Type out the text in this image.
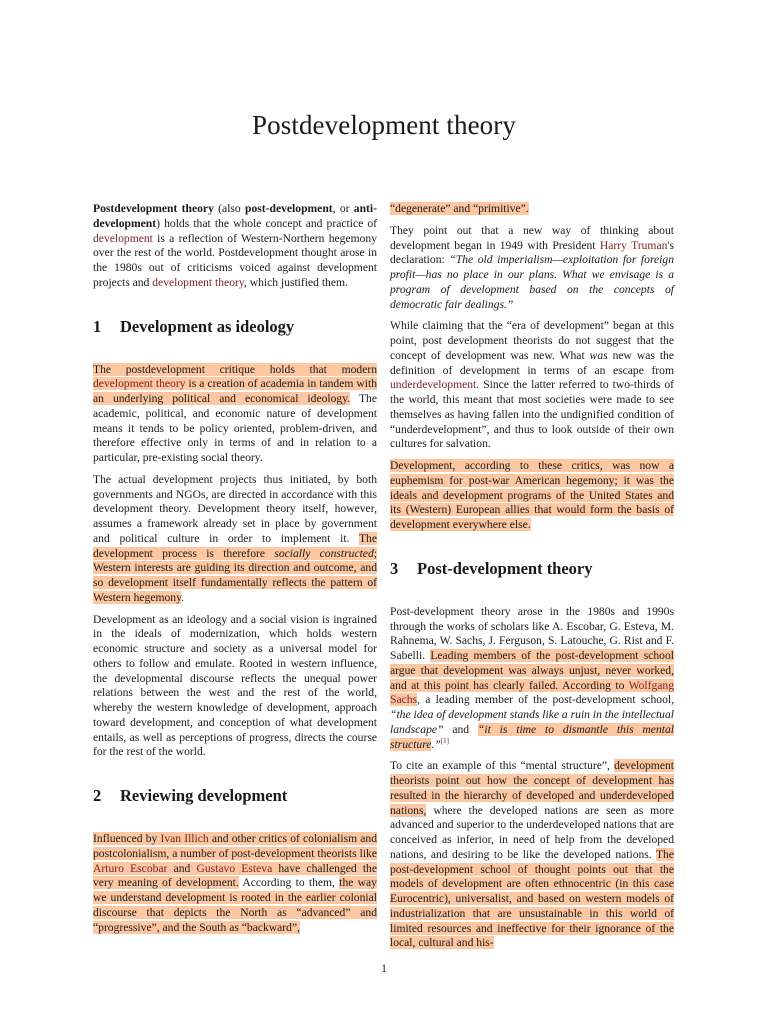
Postdevelopment theory

Postdevelopment theory (also post-development, or anti-development) holds that the whole concept and practice of development is a reflection of Western-Northern hegemony over the rest of the world. Postdevelopment thought arose in the 1980s out of criticisms voiced against development projects and development theory, which justified them.

1 Development as ideology

The postdevelopment critique holds that modern development theory is a creation of academia in tandem with an underlying political and economical ideology. The academic, political, and economic nature of development means it tends to be policy oriented, problem-driven, and therefore effective only in terms of and in relation to a particular, pre-existing social theory.

The actual development projects thus initiated, by both governments and NGOs, are directed in accordance with this development theory. Development theory itself, however, assumes a framework already set in place by government and political culture in order to implement it. The development process is therefore socially constructed; Western interests are guiding its direction and outcome, and so development itself fundamentally reflects the pattern of Western hegemony.

Development as an ideology and a social vision is ingrained in the ideals of modernization, which holds western economic structure and society as a universal model for others to follow and emulate. Rooted in western influence, the developmental discourse reflects the unequal power relations between the west and the rest of the world, whereby the western knowledge of development, approach toward development, and conception of what development entails, as well as perceptions of progress, directs the course for the rest of the world.

2 Reviewing development

Influenced by Ivan Illich and other critics of colonialism and postcolonialism, a number of post-development theorists like Arturo Escobar and Gustavo Esteva have challenged the very meaning of development. According to them, the way we understand development is rooted in the earlier colonial discourse that depicts the North as “advanced” and “progressive”, and the South as “backward”,

“degenerate” and “primitive”.

They point out that a new way of thinking about development began in 1949 with President Harry Truman's declaration: “The old imperialism—exploitation for foreign profit—has no place in our plans. What we envisage is a program of development based on the concepts of democratic fair dealings.”

While claiming that the “era of development” began at this point, post development theorists do not suggest that the concept of development was new. What was new was the definition of development in terms of an escape from underdevelopment. Since the latter referred to two-thirds of the world, this meant that most societies were made to see themselves as having fallen into the undignified condition of “underdevelopment”, and thus to look outside of their own cultures for salvation.

Development, according to these critics, was now a euphemism for post-war American hegemony; it was the ideals and development programs of the United States and its (Western) European allies that would form the basis of development everywhere else.

3 Post-development theory

Post-development theory arose in the 1980s and 1990s through the works of scholars like A. Escobar, G. Esteva, M. Rahnema, W. Sachs, J. Ferguson, S. Latouche, G. Rist and F. Sabelli. Leading members of the post-development school argue that development was always unjust, never worked, and at this point has clearly failed. According to Wolfgang Sachs, a leading member of the post-development school, “the idea of development stands like a ruin in the intellectual landscape” and “it is time to dismantle this mental structure.”[1]

To cite an example of this “mental structure”, development theorists point out how the concept of development has resulted in the hierarchy of developed and underdeveloped nations, where the developed nations are seen as more advanced and superior to the underdeveloped nations that are conceived as inferior, in need of help from the developed nations, and desiring to be like the developed nations. The post-development school of thought points out that the models of development are often ethnocentric (in this case Eurocentric), universalist, and based on western models of industrialization that are unsustainable in this world of limited resources and ineffective for their ignorance of the local, cultural and his-

1
